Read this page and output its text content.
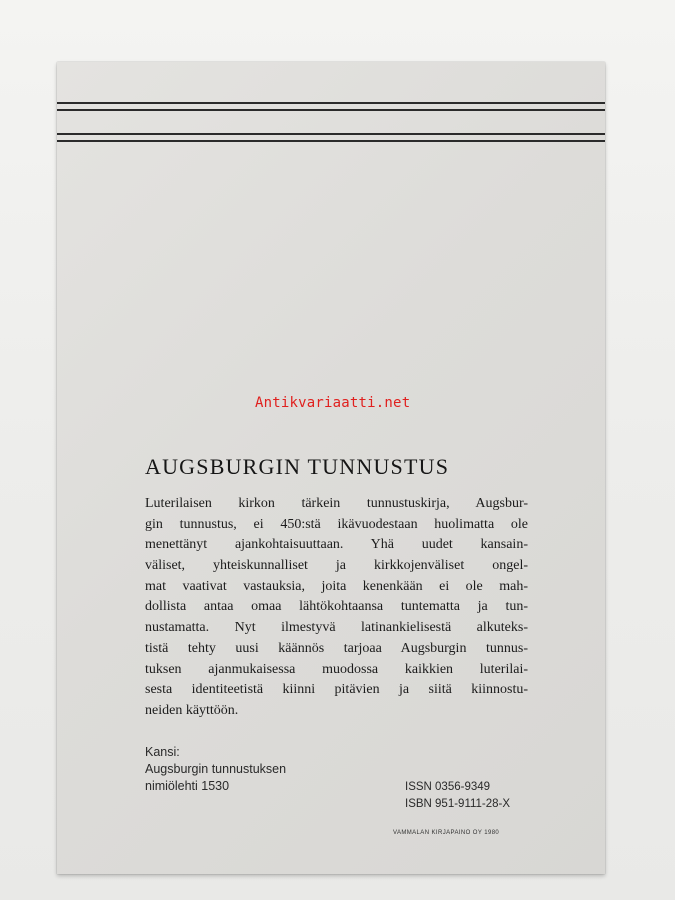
Antikvariaatti.net
AUGSBURGIN TUNNUSTUS
Luterilaisen kirkon tärkein tunnustuskirja, Augsbur-
gin tunnustus, ei 450:stä ikävuodestaan huolimatta ole
menettänyt ajankohtaisuuttaan. Yhä uudet kansain-
väliset, yhteiskunnalliset ja kirkkojenväliset ongel-
mat vaativat vastauksia, joita kenenkään ei ole mah-
dollista antaa omaa lähtökohtaansa tuntematta ja tun-
nustamatta. Nyt ilmestyvä latinankielisestä alkuteks-
tistä tehty uusi käännös tarjoaa Augsburgin tunnus-
tuksen ajanmukaisessa muodossa kaikkien luterilai-
sesta identiteetistä kiinni pitävien ja siitä kiinnostu-
neiden käyttöön.
Kansi:
Augsburgin tunnustuksen
nimiölehti 1530	ISSN 0356-9349
ISBN 951-9111-28-X
VAMMALAN KIRJAPAINO OY 1980
